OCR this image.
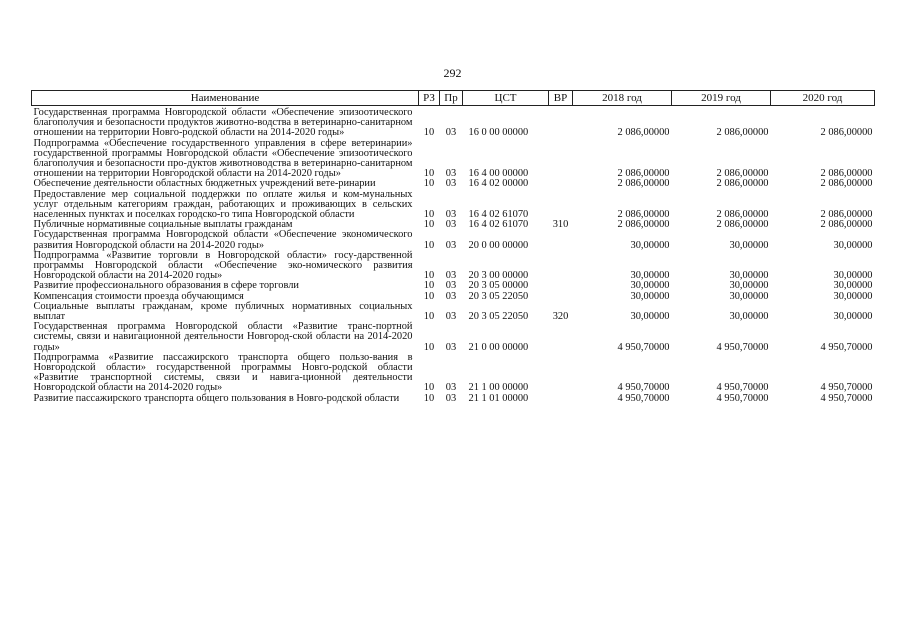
292
Наименование	РЗ	Пр	ЦСТ	ВР	2018 год	2019 год	2020 год
Государственная программа Новгородской области «Обеспечение эпизоотического благополучия и безопасности продуктов животно-водства в ветеринарно-санитарном отношении на территории Новго-родской области на 2014-2020 годы»	10	03	16 0 00 00000		2 086,00000	2 086,00000	2 086,00000
Подпрограмма «Обеспечение государственного управления в сфере ветеринарии» государственной программы Новгородской области «Обеспечение эпизоотического благополучия и безопасности про-дуктов животноводства в ветеринарно-санитарном отношении на территории Новгородской области на 2014-2020 годы»	10	03	16 4 00 00000		2 086,00000	2 086,00000	2 086,00000
Обеспечение деятельности областных бюджетных учреждений вете-ринарии	10	03	16 4 02 00000		2 086,00000	2 086,00000	2 086,00000
Предоставление мер социальной поддержки по оплате жилья и ком-мунальных услуг отдельным категориям граждан, работающих и проживающих в сельских населенных пунктах и поселках городско-го типа Новгородской области	10	03	16 4 02 61070		2 086,00000	2 086,00000	2 086,00000
Публичные нормативные социальные выплаты гражданам	10	03	16 4 02 61070	310	2 086,00000	2 086,00000	2 086,00000
Государственная программа Новгородской области «Обеспечение экономического развития Новгородской области на 2014-2020 годы»	10	03	20 0 00 00000		30,00000	30,00000	30,00000
Подпрограмма «Развитие торговли в Новгородской области» госу-дарственной программы Новгородской области «Обеспечение эко-номического развития Новгородской области на 2014-2020 годы»	10	03	20 3 00 00000		30,00000	30,00000	30,00000
Развитие профессионального образования в сфере торговли	10	03	20 3 05 00000		30,00000	30,00000	30,00000
Компенсация стоимости проезда обучающимся	10	03	20 3 05 22050		30,00000	30,00000	30,00000
Социальные выплаты гражданам, кроме публичных нормативных социальных выплат	10	03	20 3 05 22050	320	30,00000	30,00000	30,00000
Государственная программа Новгородской области «Развитие транс-портной системы, связи и навигационной деятельности Новгород-ской области на 2014-2020 годы»	10	03	21 0 00 00000		4 950,70000	4 950,70000	4 950,70000
Подпрограмма «Развитие пассажирского транспорта общего пользо-вания в Новгородской области» государственной программы Новго-родской области «Развитие транспортной системы, связи и навига-ционной деятельности Новгородской области на 2014-2020 годы»	10	03	21 1 00 00000		4 950,70000	4 950,70000	4 950,70000
Развитие пассажирского транспорта общего пользования в Новго-родской области	10	03	21 1 01 00000		4 950,70000	4 950,70000	4 950,70000
